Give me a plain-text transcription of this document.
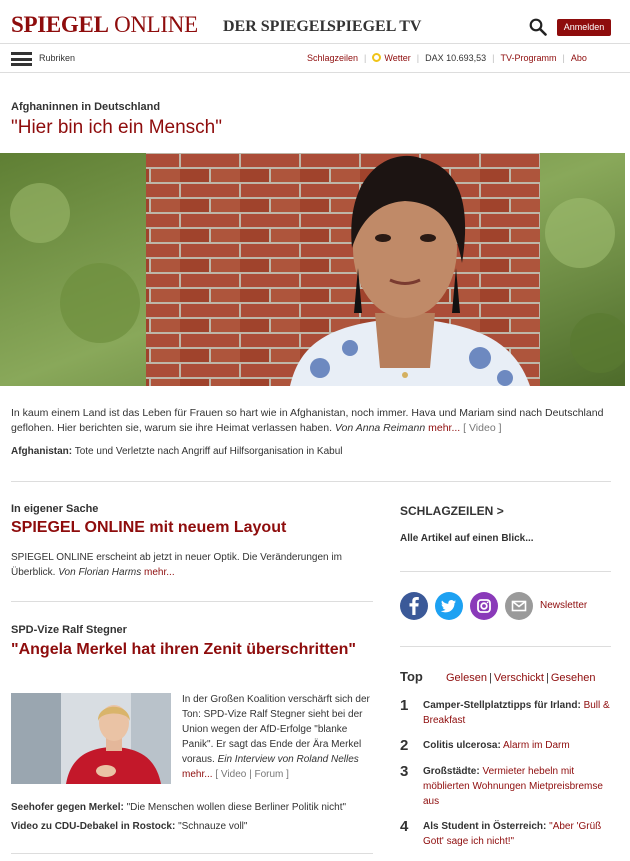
SPIEGEL ONLINE DER SPIEGEL
SPIEGEL TV	Anmelden
Rubriken	Schlagzeilen | Wetter | DAX 10.693,53 | TV-Programm | Abo
Afghaninnen in Deutschland
"Hier bin ich ein Mensch"
In kaum einem Land ist das Leben für Frauen so hart wie in Afghanistan, noch immer. Hava und Mariam sind nach Deutschland geflohen. Hier berichten sie, warum sie ihre Heimat verlassen haben. Von Anna Reimann mehr... [ Video ]
Afghanistan: Tote und Verletzte nach Angriff auf Hilfsorganisation in Kabul
In eigener Sache
SPIEGEL ONLINE mit neuem Layout
SPIEGEL ONLINE erscheint ab jetzt in neuer Optik. Die Veränderungen im Überblick. Von Florian Harms mehr...
SPD-Vize Ralf Stegner
"Angela Merkel hat ihren Zenit überschritten"
In der Großen Koalition verschärft sich der Ton: SPD-Vize Ralf Stegner sieht bei der Union wegen der AfD-Erfolge "blanke Panik". Er sagt das Ende der Ära Merkel voraus. Ein Interview von Roland Nelles mehr... [ Video | Forum ]
Seehofer gegen Merkel: "Die Menschen wollen diese Berliner Politik nicht"
Video zu CDU-Debakel in Rostock: "Schnauze voll"
SCHLAGZEILEN >
Alle Artikel auf einen Blick...
Newsletter
Top Gelesen | Verschickt | Gesehen
1 Camper-Stellplatztipps für Irland: Bull & Breakfast
2 Colitis ulcerosa: Alarm im Darm
3 Großstädte: Vermieter hebeln mit möblierten Wohnungen Mietpreisbremse aus
4 Als Student in Österreich: "Aber 'Grüß Gott' sage ich nicht!"
